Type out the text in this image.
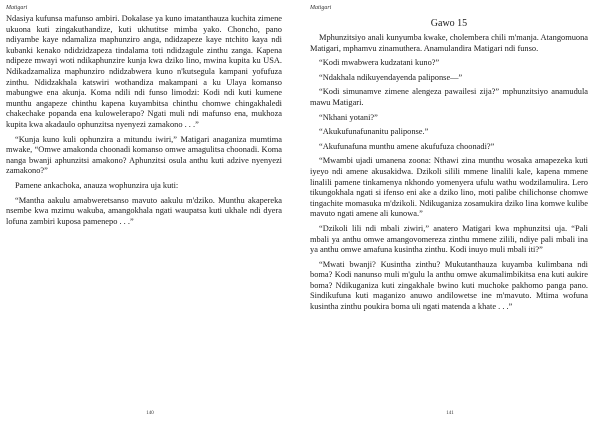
Matigari

Ndasiya kufunsa mafunso ambiri. Dokalase ya kuno imatanthauza kuchita zimene ukuona kuti zingakuthandize, kuti ukhutitse mimba yako. Choncho, pano ndiyambe kaye ndamaliza maphunziro anga, ndidzapeze kaye ntchito kaya ndi kubanki kenako ndidzidzapeza tindalama toti ndidzagule zinthu zanga. Kapena ndipeze mwayi woti ndikaphunzire kunja kwa dziko lino, mwina kupita ku USA. Ndikadzamaliza maphunziro ndidzabwera kuno n'kutsegula kampani yofufuza zinthu. Ndidzakhala katswiri wothandiza makampani a ku Ulaya komanso mabungwe ena akunja. Koma ndili ndi funso limodzi: Kodi ndi kuti kumene munthu angapeze chinthu kapena kuyambitsa chinthu chomwe chingakhaledi chakechake popanda ena kulowelerapo? Ngati muli ndi mafunso ena, mukhoza kupita kwa akadaulo ophunzitsa nyenyezi zamakono . . .”

“Kunja kuno kuli ophunzira a mitundu iwiri,” Matigari anaganiza mumtima mwake, “Omwe amakonda choonadi komanso omwe amagulitsa choonadi. Koma nanga bwanji aphunzitsi amakono? Aphunzitsi osula anthu kuti adzive nyenyezi zamakono?”

Pamene ankachoka, anauza wophunzira uja kuti:

“Mantha aakulu amabweretsanso mavuto aakulu m'dziko. Munthu akapereka nsembe kwa mzimu wakuba, amangokhala ngati waupatsa kuti ukhale ndi dyera lofuna zambiri kuposa pamenepo . . .”

140
Matigari
Gawo 15

Mphunzitsiyo anali kunyumba kwake, cholembera chili m'manja. Atangomuona Matigari, mphamvu zinamuthera. Anamulandira Matigari ndi funso.

“Kodi mwabwera kudzatani kuno?”

“Ndakhala ndikuyendayenda paliponse—”

“Kodi simunamve zimene alengeza pawailesi zija?” mphunzitsiyo anamudula mawu Matigari.

“Nkhani yotani?”

“Akukufunafunanitu paliponse.”

“Akufunafuna munthu amene akufufuza choonadi?”

“Mwambi ujadi umanena zoona: Nthawi zina munthu wosaka amapezeka kuti iyeyo ndi amene akusakidwa. Dzikoli silili mmene linalili kale, kapena mmene linalili pamene tinkamenya nkhondo yomenyera ufulu wathu wodzilamulira. Lero tikungokhala ngati si ifenso eni ake a dziko lino, moti palibe chilichonse chomwe tingachite momasuka m'dzikoli. Ndikuganiza zosamukira dziko lina komwe kulibe mavuto ngati amene ali kunowa.”

“Dzikoli lili ndi mbali ziwiri,” anatero Matigari kwa mphunzitsi uja. “Pali mbali ya anthu omwe amangovomereza zinthu mmene zilili, ndiye pali mbali ina ya anthu omwe amafuna kusintha zinthu. Kodi inuyo muli mbali iti?”

“Mwati bwanji? Kusintha zinthu? Mukutanthauza kuyamba kulimbana ndi boma? Kodi nanunso muli m'gulu la anthu omwe akumalimbikitsa ena kuti aukire boma? Ndikuganiza kuti zingakhale bwino kuti muchoke pakhomo panga pano. Sindikufuna kuti maganizo anuwo andilowetse ine m'mavuto. Mtima wofuna kusintha zinthu poukira boma uli ngati matenda a khate . . .”

141
